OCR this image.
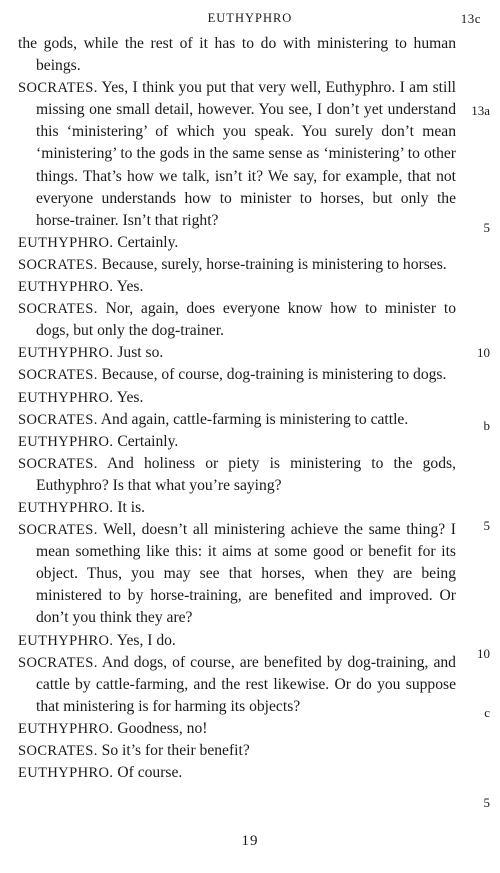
EUTHYPHRO	13c

the gods, while the rest of it has to do with ministering to human beings.

SOCRATES. Yes, I think you put that very well, Euthyphro. I am still missing one small detail, however. You see, I don’t yet understand this ‘ministering’ of which you speak. You surely don’t mean ‘ministering’ to the gods in the same sense as ‘ministering’ to other things. That’s how we talk, isn’t it? We say, for example, that not everyone understands how to minister to horses, but only the horse-trainer. Isn’t that right?

EUTHYPHRO. Certainly.

SOCRATES. Because, surely, horse-training is ministering to horses.

EUTHYPHRO. Yes.

SOCRATES. Nor, again, does everyone know how to minister to dogs, but only the dog-trainer.

EUTHYPHRO. Just so.

SOCRATES. Because, of course, dog-training is ministering to dogs.

EUTHYPHRO. Yes.

SOCRATES. And again, cattle-farming is ministering to cattle.

EUTHYPHRO. Certainly.

SOCRATES. And holiness or piety is ministering to the gods, Euthyphro? Is that what you’re saying?

EUTHYPHRO. It is.

SOCRATES. Well, doesn’t all ministering achieve the same thing? I mean something like this: it aims at some good or benefit for its object. Thus, you may see that horses, when they are being ministered to by horse-training, are benefited and improved. Or don’t you think they are?

EUTHYPHRO. Yes, I do.

SOCRATES. And dogs, of course, are benefited by dog-training, and cattle by cattle-farming, and the rest likewise. Or do you suppose that ministering is for harming its objects?

EUTHYPHRO. Goodness, no!

SOCRATES. So it’s for their benefit?

EUTHYPHRO. Of course.

13a
5
10
b
5
10
c
5
19
